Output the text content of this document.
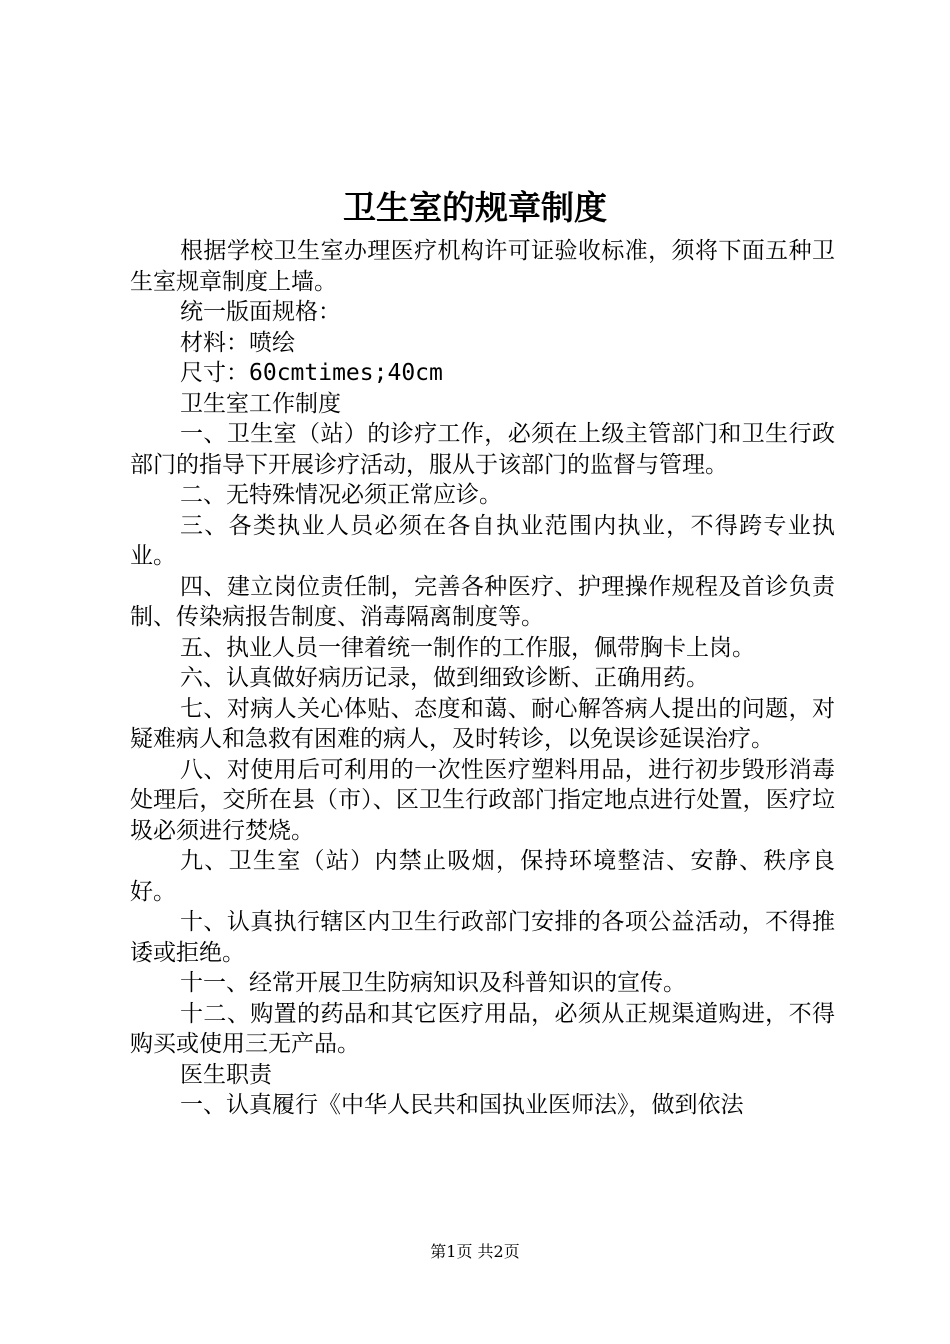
卫生室的规章制度

根据学校卫生室办理医疗机构许可证验收标准，须将下面五种卫生室规章制度上墙。

统一版面规格：

材料：喷绘

尺寸：60cmtimes;40cm

卫生室工作制度

一、卫生室（站）的诊疗工作，必须在上级主管部门和卫生行政部门的指导下开展诊疗活动，服从于该部门的监督与管理。

二、无特殊情况必须正常应诊。

三、各类执业人员必须在各自执业范围内执业，不得跨专业执业。

四、建立岗位责任制，完善各种医疗、护理操作规程及首诊负责制、传染病报告制度、消毒隔离制度等。

五、执业人员一律着统一制作的工作服，佩带胸卡上岗。

六、认真做好病历记录，做到细致诊断、正确用药。

七、对病人关心体贴、态度和蔼、耐心解答病人提出的问题，对疑难病人和急救有困难的病人，及时转诊，以免误诊延误治疗。

八、对使用后可利用的一次性医疗塑料用品，进行初步毁形消毒处理后，交所在县（市）、区卫生行政部门指定地点进行处置，医疗垃圾必须进行焚烧。

九、卫生室（站）内禁止吸烟，保持环境整洁、安静、秩序良好。

十、认真执行辖区内卫生行政部门安排的各项公益活动，不得推诿或拒绝。

十一、经常开展卫生防病知识及科普知识的宣传。

十二、购置的药品和其它医疗用品，必须从正规渠道购进，不得购买或使用三无产品。

医生职责

一、认真履行《中华人民共和国执业医师法》，做到依法

第1页 共2页
